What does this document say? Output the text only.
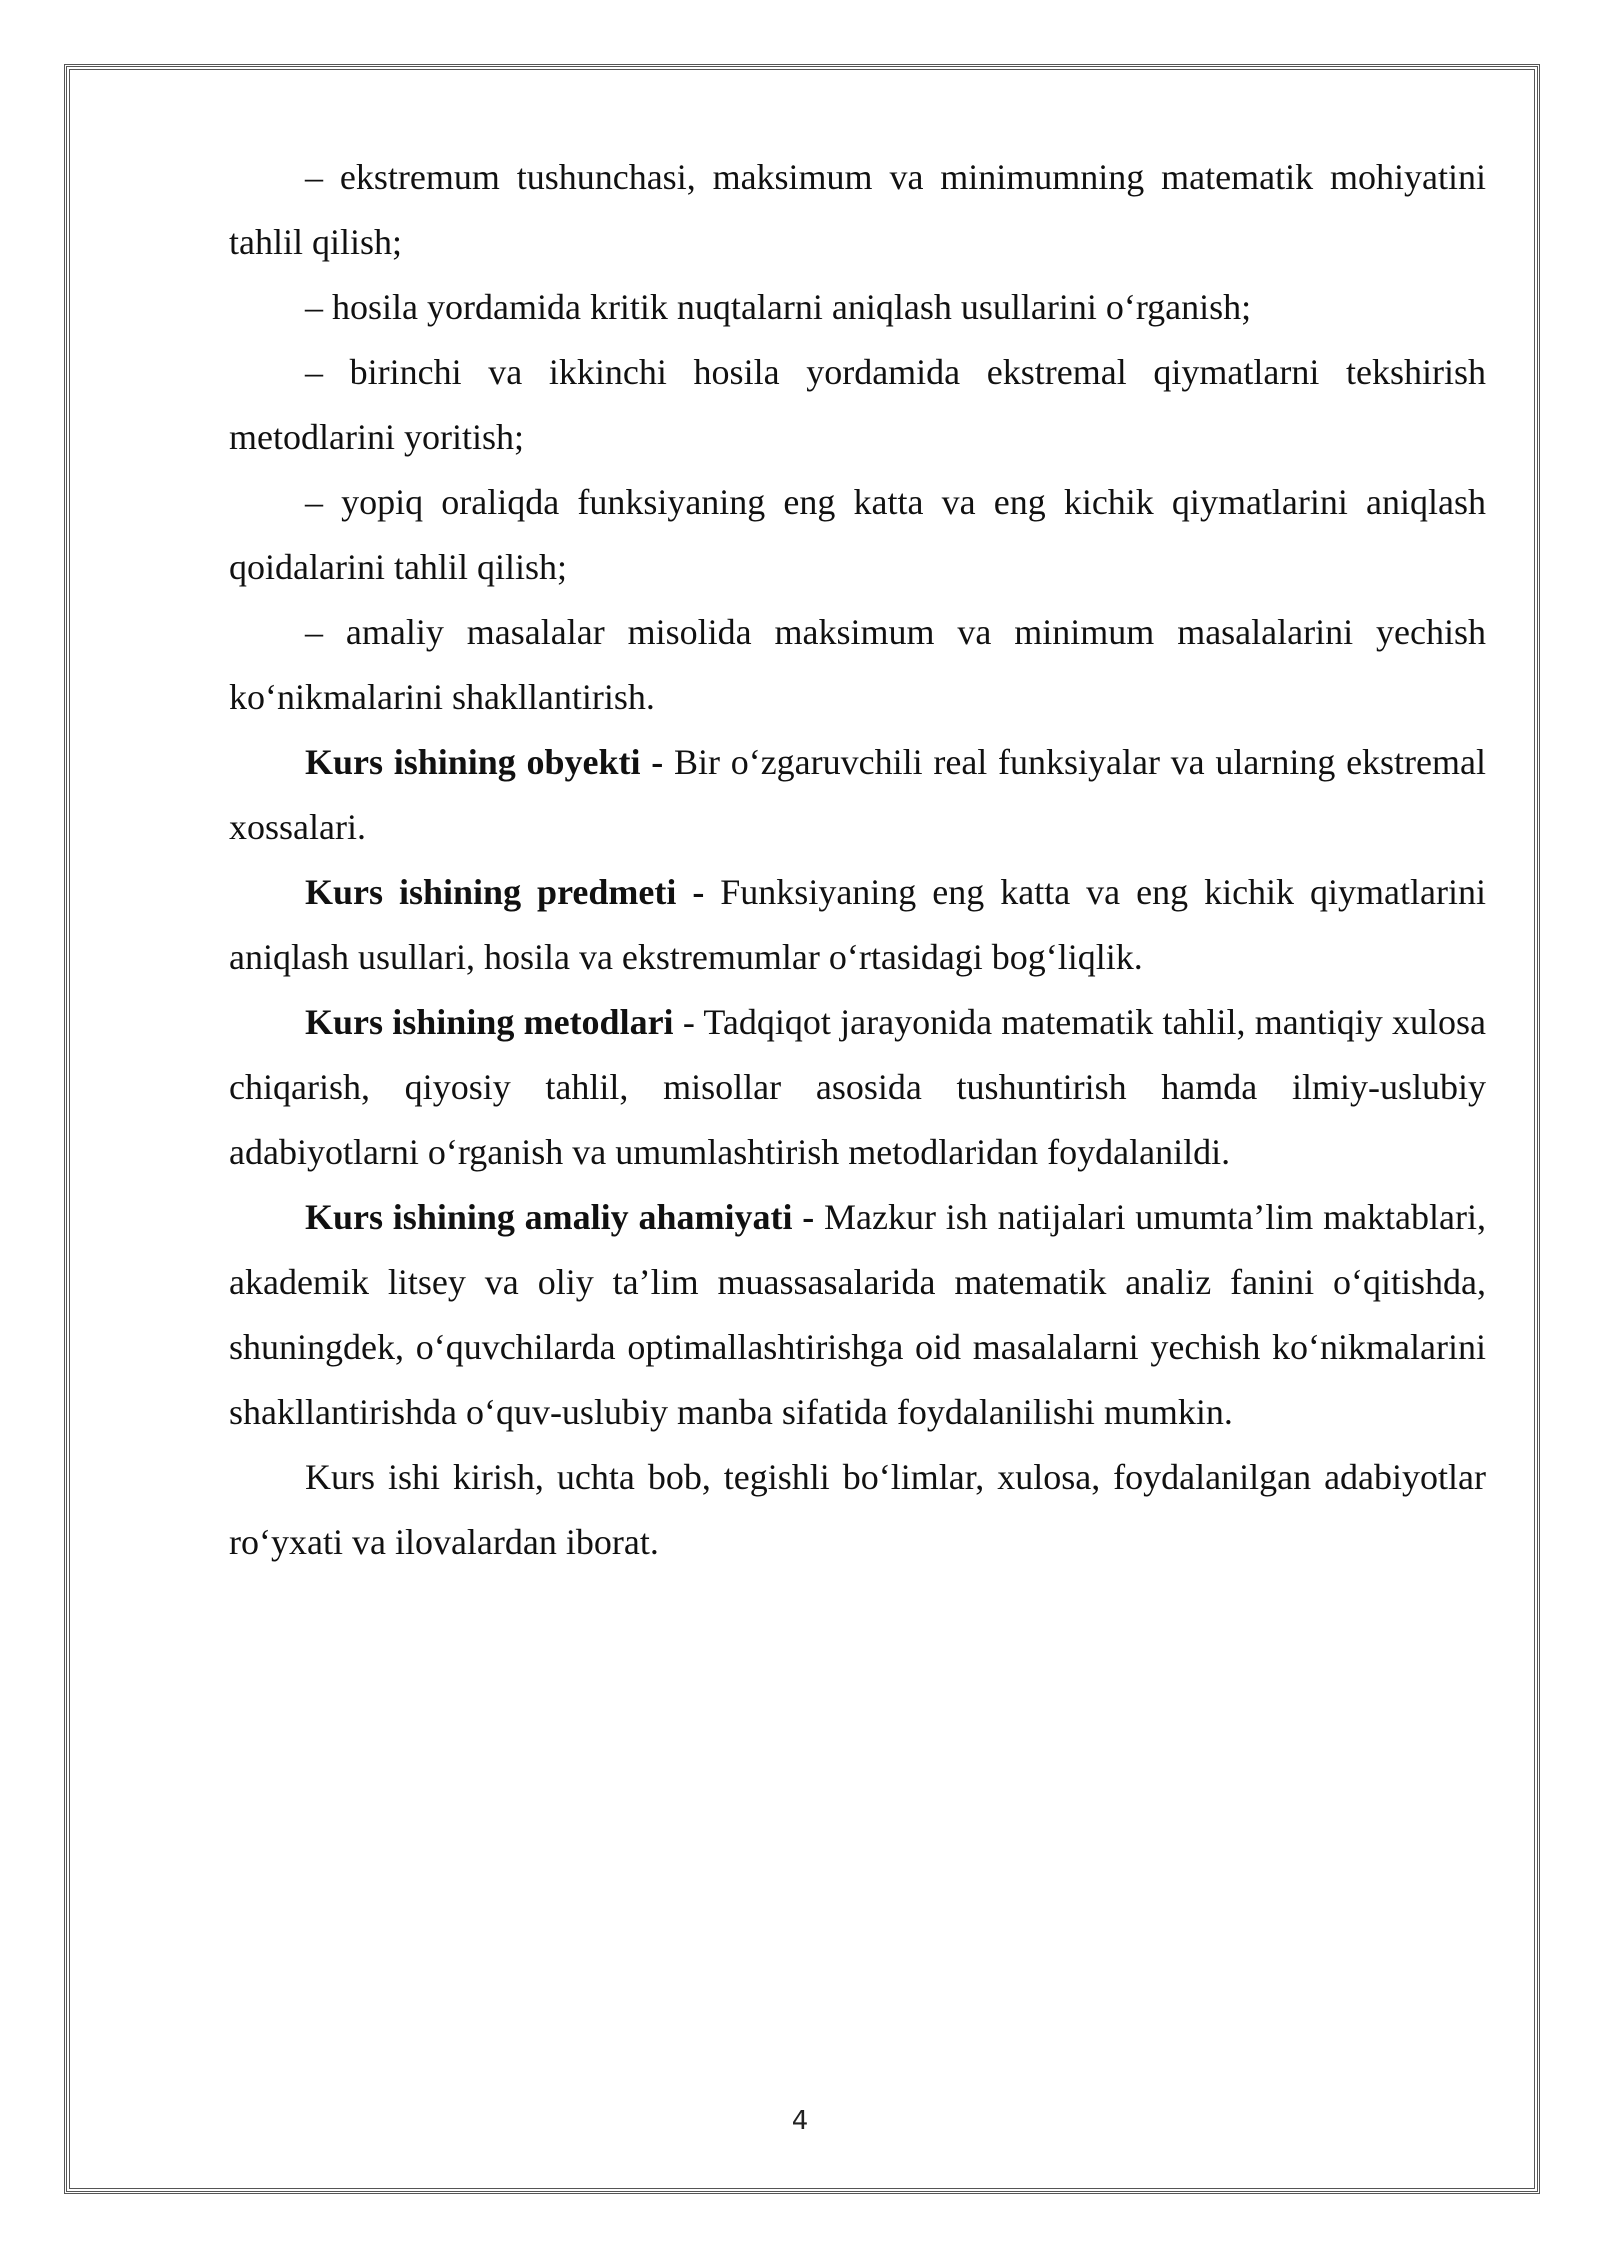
– ekstremum tushunchasi, maksimum va minimumning matematik mohiyatini tahlil qilish;

– hosila yordamida kritik nuqtalarni aniqlash usullarini o‘rganish;

– birinchi va ikkinchi hosila yordamida ekstremal qiymatlarni tekshirish metodlarini yoritish;

– yopiq oraliqda funksiyaning eng katta va eng kichik qiymatlarini aniqlash qoidalarini tahlil qilish;

– amaliy masalalar misolida maksimum va minimum masalalarini yechish ko‘nikmalarini shakllantirish.

Kurs ishining obyekti - Bir o‘zgaruvchili real funksiyalar va ularning ekstremal xossalari.

Kurs ishining predmeti - Funksiyaning eng katta va eng kichik qiymatlarini aniqlash usullari, hosila va ekstremumlar o‘rtasidagi bog‘liqlik.

Kurs ishining metodlari - Tadqiqot jarayonida matematik tahlil, mantiqiy xulosa chiqarish, qiyosiy tahlil, misollar asosida tushuntirish hamda ilmiy-uslubiy adabiyotlarni o‘rganish va umumlashtirish metodlaridan foydalanildi.

Kurs ishining amaliy ahamiyati - Mazkur ish natijalari umumta’lim maktablari, akademik litsey va oliy ta’lim muassasalarida matematik analiz fanini o‘qitishda, shuningdek, o‘quvchilarda optimallashtirishga oid masalalarni yechish ko‘nikmalarini shakllantirishda o‘quv-uslubiy manba sifatida foydalanilishi mumkin.

Kurs ishi kirish, uchta bob, tegishli bo‘limlar, xulosa, foydalanilgan adabiyotlar ro‘yxati va ilovalardan iborat.

4
